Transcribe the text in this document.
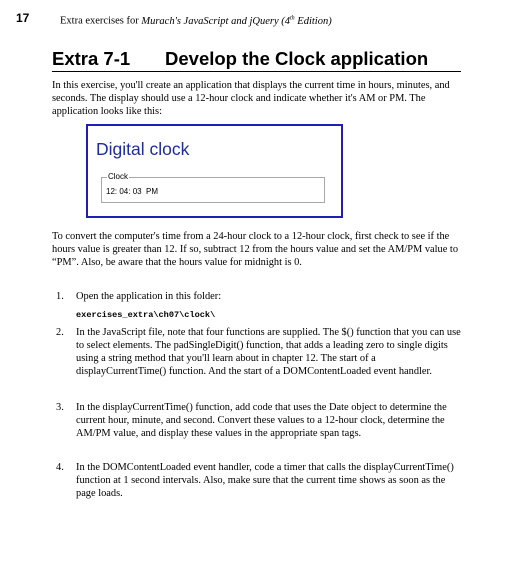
17	Extra exercises for Murach's JavaScript and jQuery (4th Edition)
Extra 7-1 Develop the Clock application

In this exercise, you'll create an application that displays the current time in hours, minutes, and seconds. The display should use a 12-hour clock and indicate whether it's AM or PM. The application looks like this:

Digital clock
Clock
12: 04: 03  PM

To convert the computer's time from a 24-hour clock to a 12-hour clock, first check to see if the hours value is greater than 12. If so, subtract 12 from the hours value and set the AM/PM value to “PM”. Also, be aware that the hours value for midnight is 0.

1. Open the application in this folder:

exercises_extra\ch07\clock\
2. In the JavaScript file, note that four functions are supplied. The $() function that you can use to select elements. The padSingleDigit() function, that adds a leading zero to single digits using a string method that you'll learn about in chapter 12. The start of a displayCurrentTime() function. And the start of a DOMContentLoaded event handler.

3. In the displayCurrentTime() function, add code that uses the Date object to determine the current hour, minute, and second. Convert these values to a 12-hour clock, determine the AM/PM value, and display these values in the appropriate span tags.

4. In the DOMContentLoaded event handler, code a timer that calls the displayCurrentTime() function at 1 second intervals. Also, make sure that the current time shows as soon as the page loads.
